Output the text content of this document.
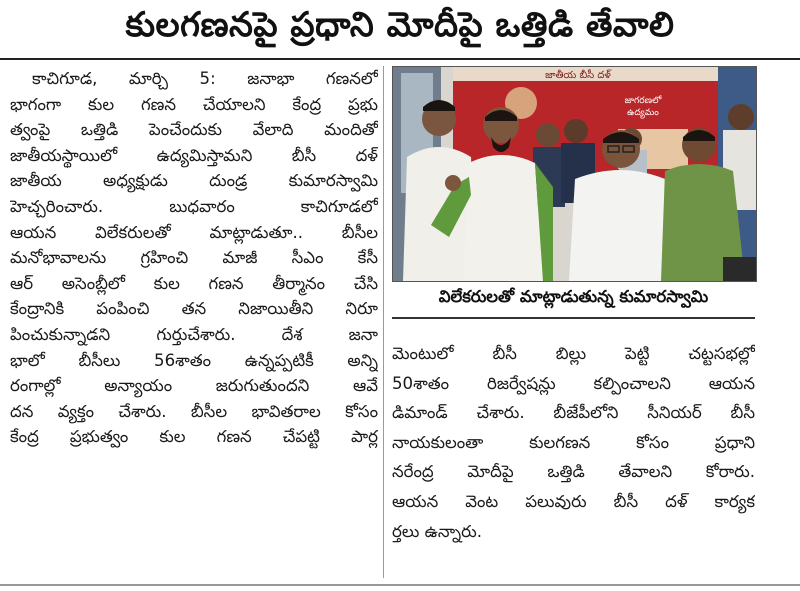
కులగణనపై ప్రధాని మోదీపై ఒత్తిడి తేవాలి
కాచిగూడ, మార్చి 5: జనాభా గణనలో
భాగంగా కుల గణన చేయాలని కేంద్ర ప్రభు
త్వంపై ఒత్తిడి పెంచేందుకు వేలాది మందితో
జాతీయస్థాయిలో ఉద్యమిస్తామని బీసీ దళ్
జాతీయ అధ్యక్షుడు దుండ్ర కుమారస్వామి
హెచ్చరించారు. బుధవారం కాచిగూడలో
ఆయన విలేకరులతో మాట్లాడుతూ.. బీసీల
మనోభావాలను గ్రహించి మాజీ సీఎం కేసీ
ఆర్ అసెంబ్లీలో కుల గణన తీర్మానం చేసి
కేంద్రానికి పంపించి తన నిజాయితీని నిరూ
పించుకున్నాడని గుర్తుచేశారు. దేశ జనా
భాలో బీసీలు 56శాతం ఉన్నప్పటికీ అన్ని
రంగాల్లో అన్యాయం జరుగుతుందని ఆవే
దన వ్యక్తం చేశారు. బీసీల భావితరాల కోసం
కేంద్ర ప్రభుత్వం కుల గణన చేపట్టి పార్ల
జాతీయ బీసీ దళ్
జాగరణలో
ఉద్యమం
విలేకరులతో మాట్లాడుతున్న కుమారస్వామి
మెంటులో బీసీ బిల్లు పెట్టి చట్టసభల్లో
50శాతం రిజర్వేషన్లు కల్పించాలని ఆయన
డిమాండ్ చేశారు. బీజేపీలోని సీనియర్ బీసీ
నాయకులంతా కులగణన కోసం ప్రధాని
నరేంద్ర మోదీపై ఒత్తిడి తేవాలని కోరారు.
ఆయన వెంట పలువురు బీసీ దళ్ కార్యక
ర్తలు ఉన్నారు.
